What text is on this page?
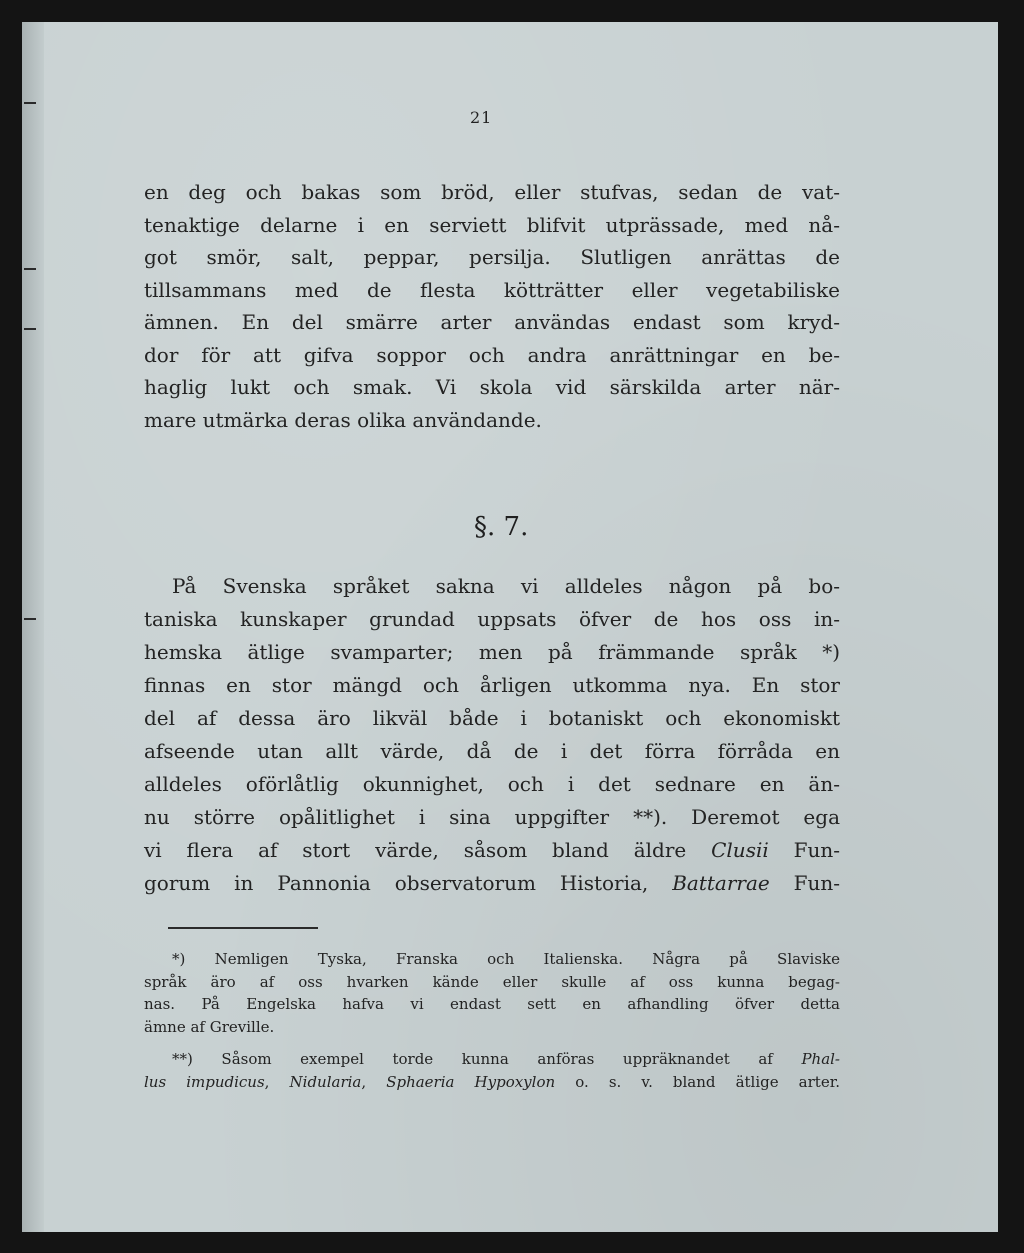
21
en deg och bakas som bröd, eller stufvas, sedan de vat-
tenaktige delarne i en serviett blifvit utprässade, med nå-
got smör, salt, peppar, persilja. Slutligen anrättas de
tillsammans med de flesta kötträtter eller vegetabiliske
ämnen. En del smärre arter användas endast som kryd-
dor för att gifva soppor och andra anrättningar en be-
haglig lukt och smak. Vi skola vid särskilda arter när-
mare utmärka deras olika användande.
§. 7.
På Svenska språket sakna vi alldeles någon på bo-
taniska kunskaper grundad uppsats öfver de hos oss in-
hemska ätlige svamparter; men på främmande språk *)
finnas en stor mängd och årligen utkomma nya. En stor
del af dessa äro likväl både i botaniskt och ekonomiskt
afseende utan allt värde, då de i det förra förråda en
alldeles oförlåtlig okunnighet, och i det sednare en än-
nu större opålitlighet i sina uppgifter **). Deremot ega
vi flera af stort värde, såsom bland äldre Clusii Fun-
gorum in Pannonia observatorum Historia, Battarrae Fun-
*) Nemligen Tyska, Franska och Italienska. Några på Slaviske
språk äro af oss hvarken kände eller skulle af oss kunna begag-
nas. På Engelska hafva vi endast sett en afhandling öfver detta
ämne af Greville.
**) Såsom exempel torde kunna anföras uppräknandet af Phal-
lus impudicus, Nidularia, Sphaeria Hypoxylon o. s. v. bland ätlige arter.
